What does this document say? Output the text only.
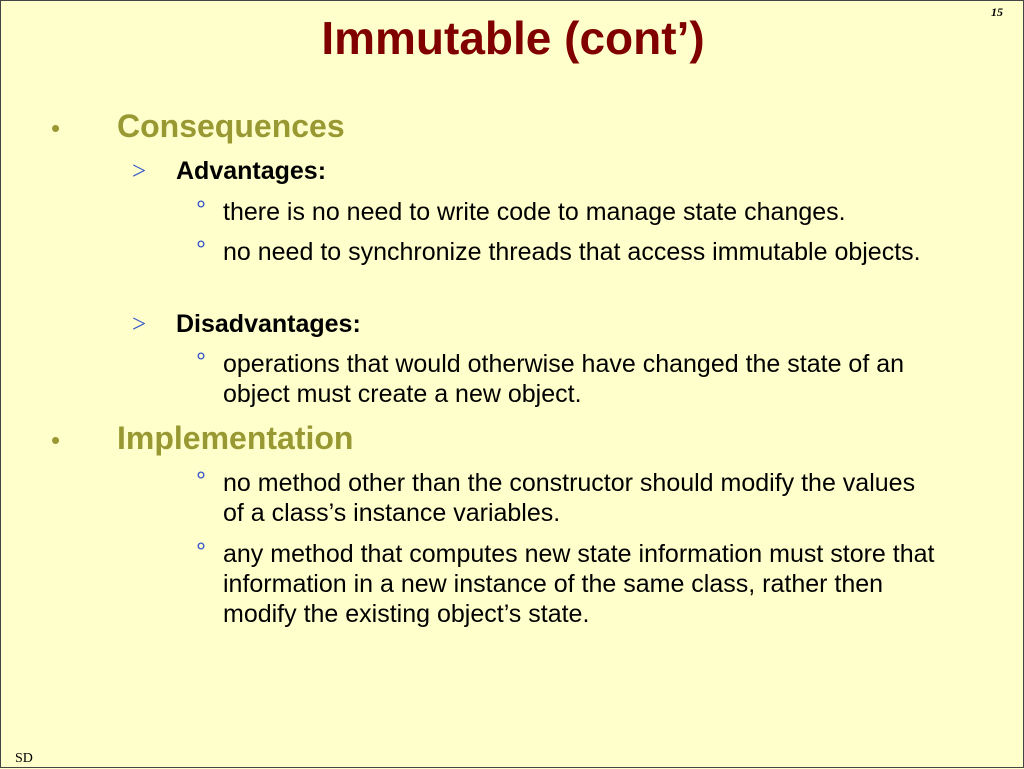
Immutable (cont’)	15
• Consequences
> Advantages:
° there is no need to write code to manage state changes.
° no need to synchronize threads that access immutable objects.
> Disadvantages:
° operations that would otherwise have changed the state of an object must create a new object.
• Implementation
° no method other than the constructor should modify the values of a class’s instance variables.
° any method that computes new state information must store that information in a new instance of the same class, rather then modify the existing object’s state.
SD
